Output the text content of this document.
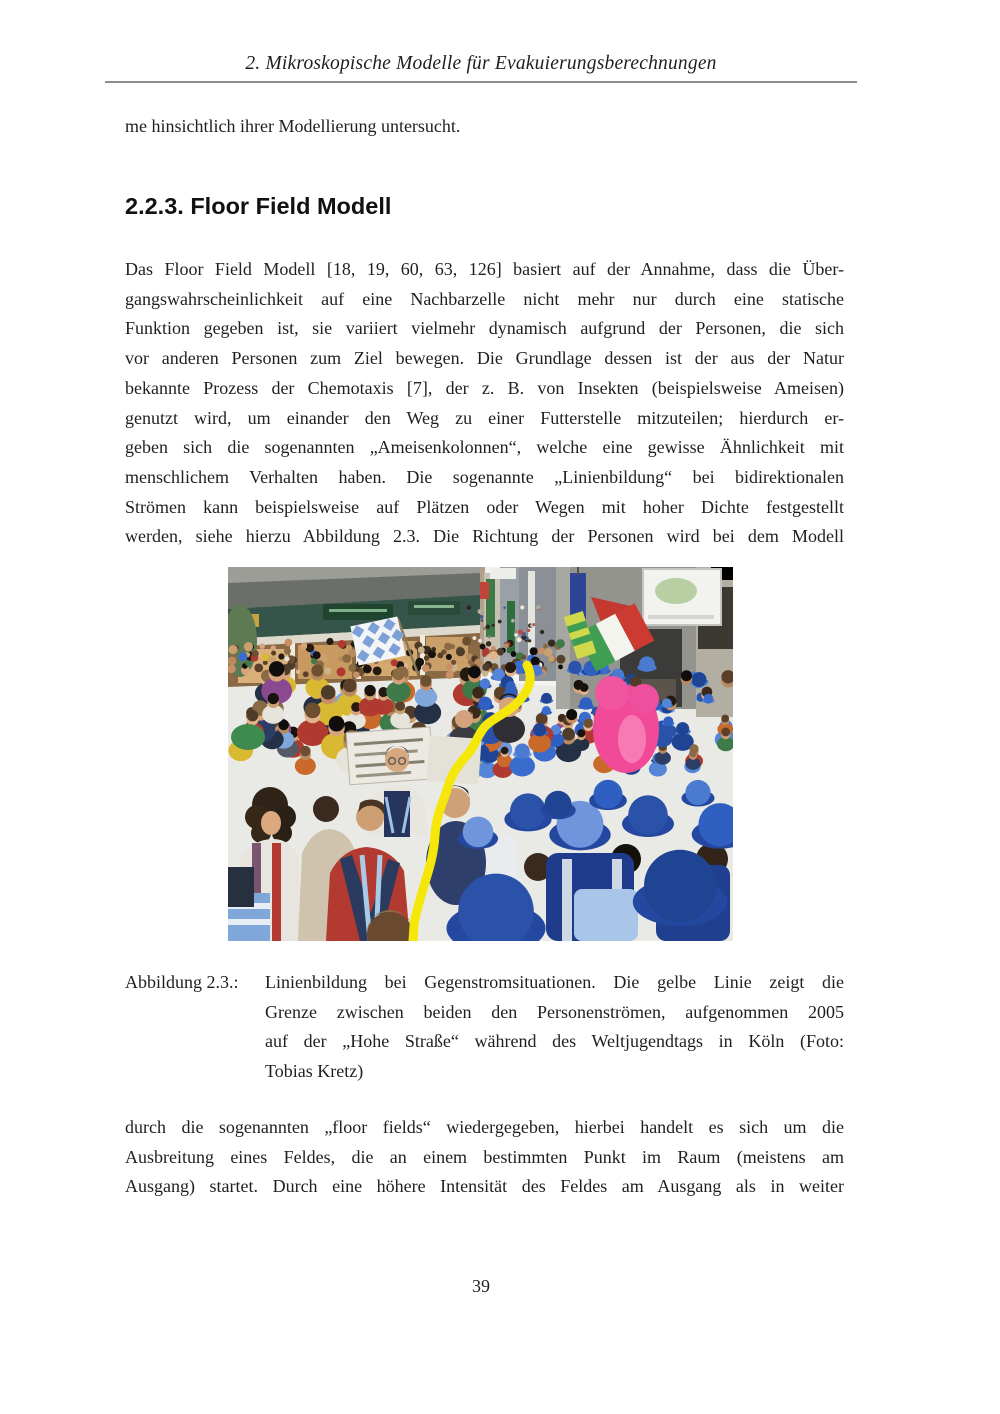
2. Mikroskopische Modelle für Evakuierungsberechnungen
me hinsichtlich ihrer Modellierung untersucht.
2.2.3. Floor Field Modell
Das Floor Field Modell [18, 19, 60, 63, 126] basiert auf der Annahme, dass die Über-
gangswahrscheinlichkeit auf eine Nachbarzelle nicht mehr nur durch eine statische
Funktion gegeben ist, sie variiert vielmehr dynamisch aufgrund der Personen, die sich
vor anderen Personen zum Ziel bewegen. Die Grundlage dessen ist der aus der Natur
bekannte Prozess der Chemotaxis [7], der z. B. von Insekten (beispielsweise Ameisen)
genutzt wird, um einander den Weg zu einer Futterstelle mitzuteilen; hierdurch er-
geben sich die sogenannten „Ameisenkolonnen“, welche eine gewisse Ähnlichkeit mit
menschlichem Verhalten haben. Die sogenannte „Linienbildung“ bei bidirektionalen
Strömen kann beispielsweise auf Plätzen oder Wegen mit hoher Dichte festgestellt
werden, siehe hierzu Abbildung 2.3. Die Richtung der Personen wird bei dem Modell
Abbildung 2.3.:	Linienbildung bei Gegenstromsituationen. Die gelbe Linie zeigt die
Grenze zwischen beiden den Personenströmen, aufgenommen 2005
auf der „Hohe Straße“ während des Weltjugendtags in Köln (Foto:
Tobias Kretz)
durch die sogenannten „floor fields“ wiedergegeben, hierbei handelt es sich um die
Ausbreitung eines Feldes, die an einem bestimmten Punkt im Raum (meistens am
Ausgang) startet. Durch eine höhere Intensität des Feldes am Ausgang als in weiter
39
